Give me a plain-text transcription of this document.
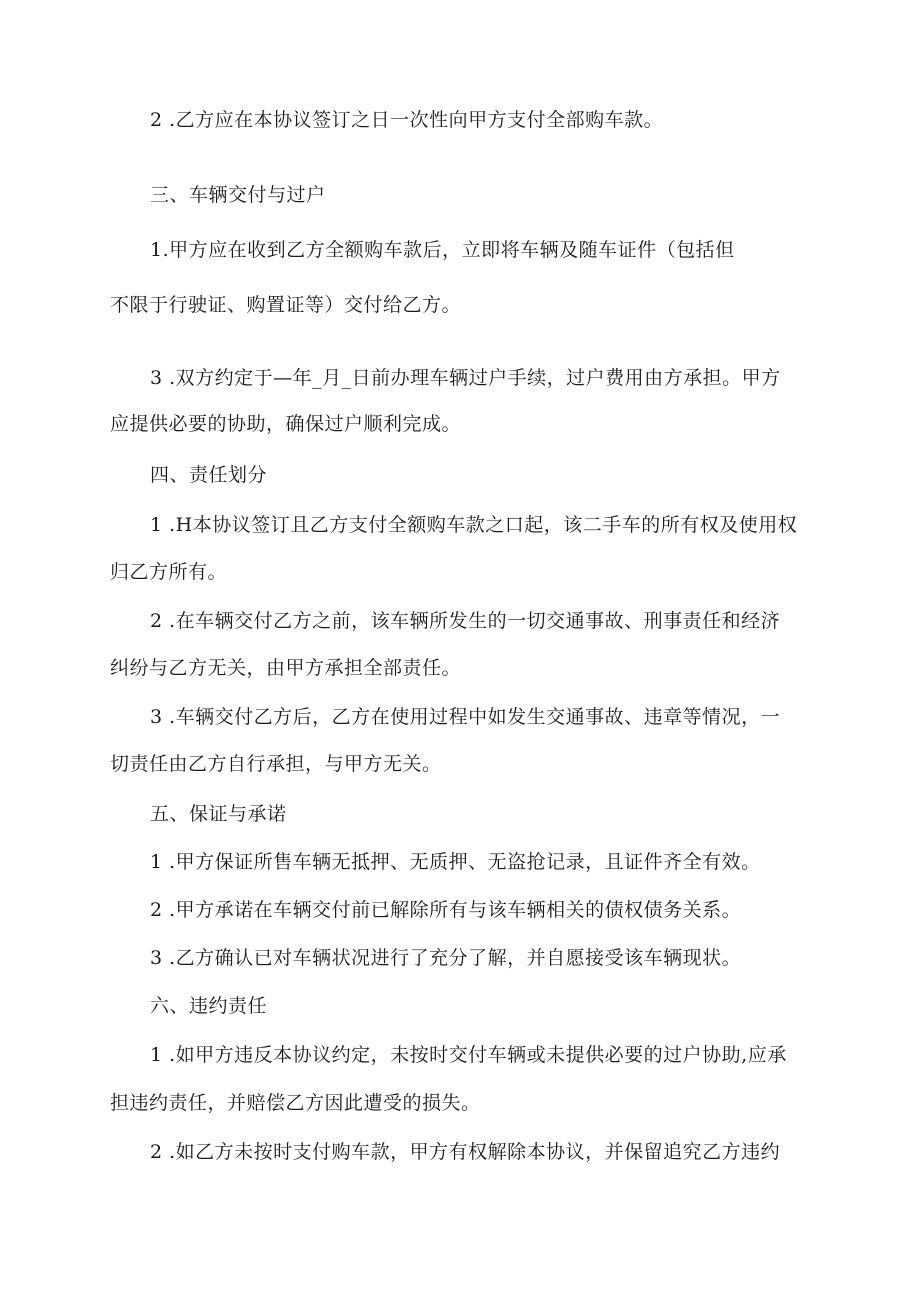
2 .乙方应在本协议签订之日一次性向甲方支付全部购车款。
三、车辆交付与过户
1.甲方应在收到乙方全额购车款后，立即将车辆及随车证件（包括但
不限于行驶证、购置证等）交付给乙方。
3 .双方约定于—年_月_日前办理车辆过户手续，过户费用由方承担。甲方
应提供必要的协助，确保过户顺利完成。
四、责任划分
1 .H本协议签订且乙方支付全额购车款之口起，该二手车的所有权及使用权
归乙方所有。
2 .在车辆交付乙方之前，该车辆所发生的一切交通事故、刑事责任和经济
纠纷与乙方无关，由甲方承担全部责任。
3 .车辆交付乙方后，乙方在使用过程中如发生交通事故、违章等情况，一
切责任由乙方自行承担，与甲方无关。
五、保证与承诺
1 .甲方保证所售车辆无抵押、无质押、无盗抢记录，且证件齐全有效。
2 .甲方承诺在车辆交付前已解除所有与该车辆相关的债权债务关系。
3 .乙方确认已对车辆状况进行了充分了解，并自愿接受该车辆现状。
六、违约责任
1 .如甲方违反本协议约定，未按时交付车辆或未提供必要的过户协助,应承
担违约责任，并赔偿乙方因此遭受的损失。
2 .如乙方未按时支付购车款，甲方有权解除本协议，并保留追究乙方违约
